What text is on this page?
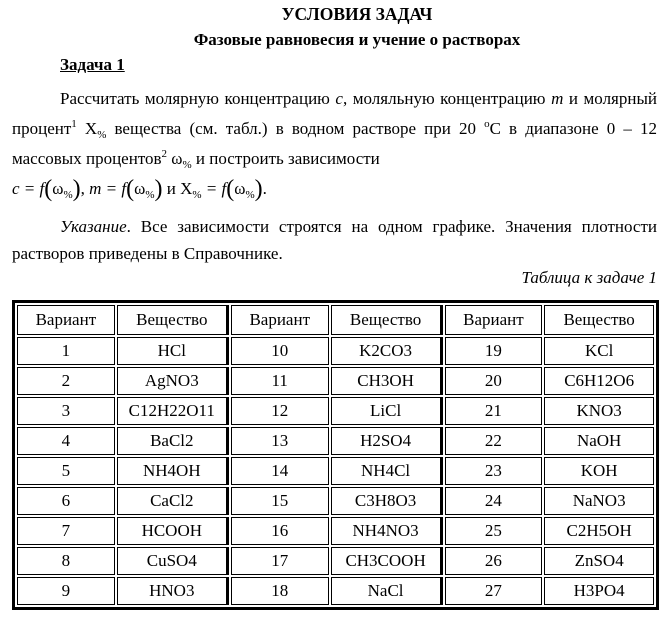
УСЛОВИЯ ЗАДАЧ
Фазовые равновесия и учение о растворах
Задача 1
Рассчитать молярную концентрацию c, моляльную концентрацию m и молярный процент$^1$ $X_{\%}$ вещества (см. табл.) в водном растворе при 20 $^o$C в диапазоне 0 – 12 массовых процентов$^2$ $\omega_{\%}$ и построить зависимости
$c = f(\omega_{\%})$, $m = f(\omega_{\%})$ и $X_{\%} = f(\omega_{\%})$.
Указание. Все зависимости строятся на одном графике. Значения плотности растворов приведены в Справочнике.
Таблица к задаче 1
Вариант	Вещество	Вариант	Вещество	Вариант	Вещество
1	HCl	10	K2CO3	19	KCl
2	AgNO3	11	CH3OH	20	C6H12O6
3	C12H22O11	12	LiCl	21	KNO3
4	BaCl2	13	H2SO4	22	NaOH
5	NH4OH	14	NH4Cl	23	KOH
6	CaCl2	15	C3H8O3	24	NaNO3
7	HCOOH	16	NH4NO3	25	C2H5OH
8	CuSO4	17	CH3COOH	26	ZnSO4
9	HNO3	18	NaCl	27	H3PO4
